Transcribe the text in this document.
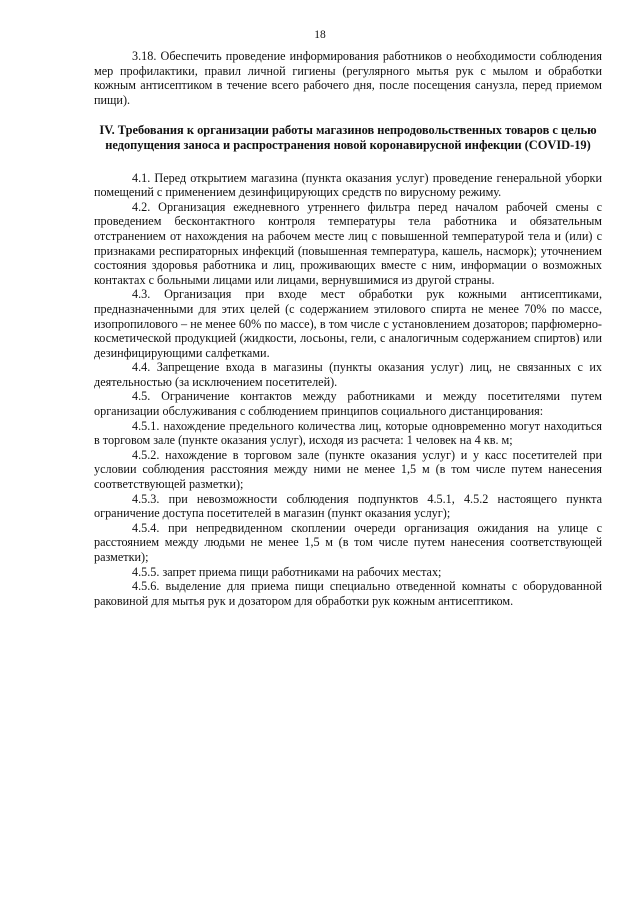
18

3.18. Обеспечить проведение информирования работников о необходимости соблюдения мер профилактики, правил личной гигиены (регулярного мытья рук с мылом и обработки кожным антисептиком в течение всего рабочего дня, после посещения санузла, перед приемом пищи).

IV. Требования к организации работы магазинов непродовольственных товаров с целью недопущения заноса и распространения новой коронавирусной инфекции (COVID-19)

4.1. Перед открытием магазина (пункта оказания услуг) проведение генеральной уборки помещений с применением дезинфицирующих средств по вирусному режиму.

4.2. Организация ежедневного утреннего фильтра перед началом рабочей смены с проведением бесконтактного контроля температуры тела работника и обязательным отстранением от нахождения на рабочем месте лиц с повышенной температурой тела и (или) с признаками респираторных инфекций (повышенная температура, кашель, насморк); уточнением состояния здоровья работника и лиц, проживающих вместе с ним, информации о возможных контактах с больными лицами или лицами, вернувшимися из другой страны.

4.3. Организация при входе мест обработки рук кожными антисептиками, предназначенными для этих целей (с содержанием этилового спирта не менее 70% по массе, изопропилового – не менее 60% по массе), в том числе с установлением дозаторов; парфюмерно-косметической продукцией (жидкости, лосьоны, гели, с аналогичным содержанием спиртов) или дезинфицирующими салфетками.

4.4. Запрещение входа в магазины (пункты оказания услуг) лиц, не связанных с их деятельностью (за исключением посетителей).

4.5. Ограничение контактов между работниками и между посетителями путем организации обслуживания с соблюдением принципов социального дистанцирования:

4.5.1. нахождение предельного количества лиц, которые одновременно могут находиться в торговом зале (пункте оказания услуг), исходя из расчета: 1 человек на 4 кв. м;

4.5.2. нахождение в торговом зале (пункте оказания услуг) и у касс посетителей при условии соблюдения расстояния между ними не менее 1,5 м (в том числе путем нанесения соответствующей разметки);

4.5.3. при невозможности соблюдения подпунктов 4.5.1, 4.5.2 настоящего пункта ограничение доступа посетителей в магазин (пункт оказания услуг);

4.5.4. при непредвиденном скоплении очереди организация ожидания на улице с расстоянием между людьми не менее 1,5 м (в том числе путем нанесения соответствующей разметки);

4.5.5. запрет приема пищи работниками на рабочих местах;

4.5.6. выделение для приема пищи специально отведенной комнаты с оборудованной раковиной для мытья рук и дозатором для обработки рук кожным антисептиком.
